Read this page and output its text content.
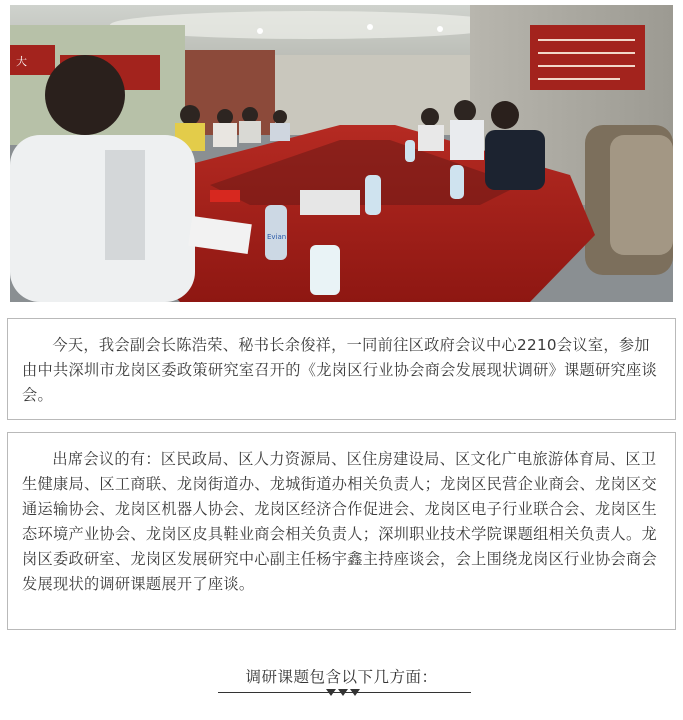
大
Evian

今天，我会副会长陈浩荣、秘书长余俊祥，一同前往区政府会议中心2210会议室，参加由中共深圳市龙岗区委政策研究室召开的《龙岗区行业协会商会发展现状调研》课题研究座谈会。

出席会议的有：区民政局、区人力资源局、区住房建设局、区文化广电旅游体育局、区卫生健康局、区工商联、龙岗街道办、龙城街道办相关负责人；龙岗区民营企业商会、龙岗区交通运输协会、龙岗区机器人协会、龙岗区经济合作促进会、龙岗区电子行业联合会、龙岗区生态环境产业协会、龙岗区皮具鞋业商会相关负责人；深圳职业技术学院课题组相关负责人。龙岗区委政研室、龙岗区发展研究中心副主任杨宇鑫主持座谈会，会上围绕龙岗区行业协会商会发展现状的调研课题展开了座谈。

调研课题包含以下几方面：
